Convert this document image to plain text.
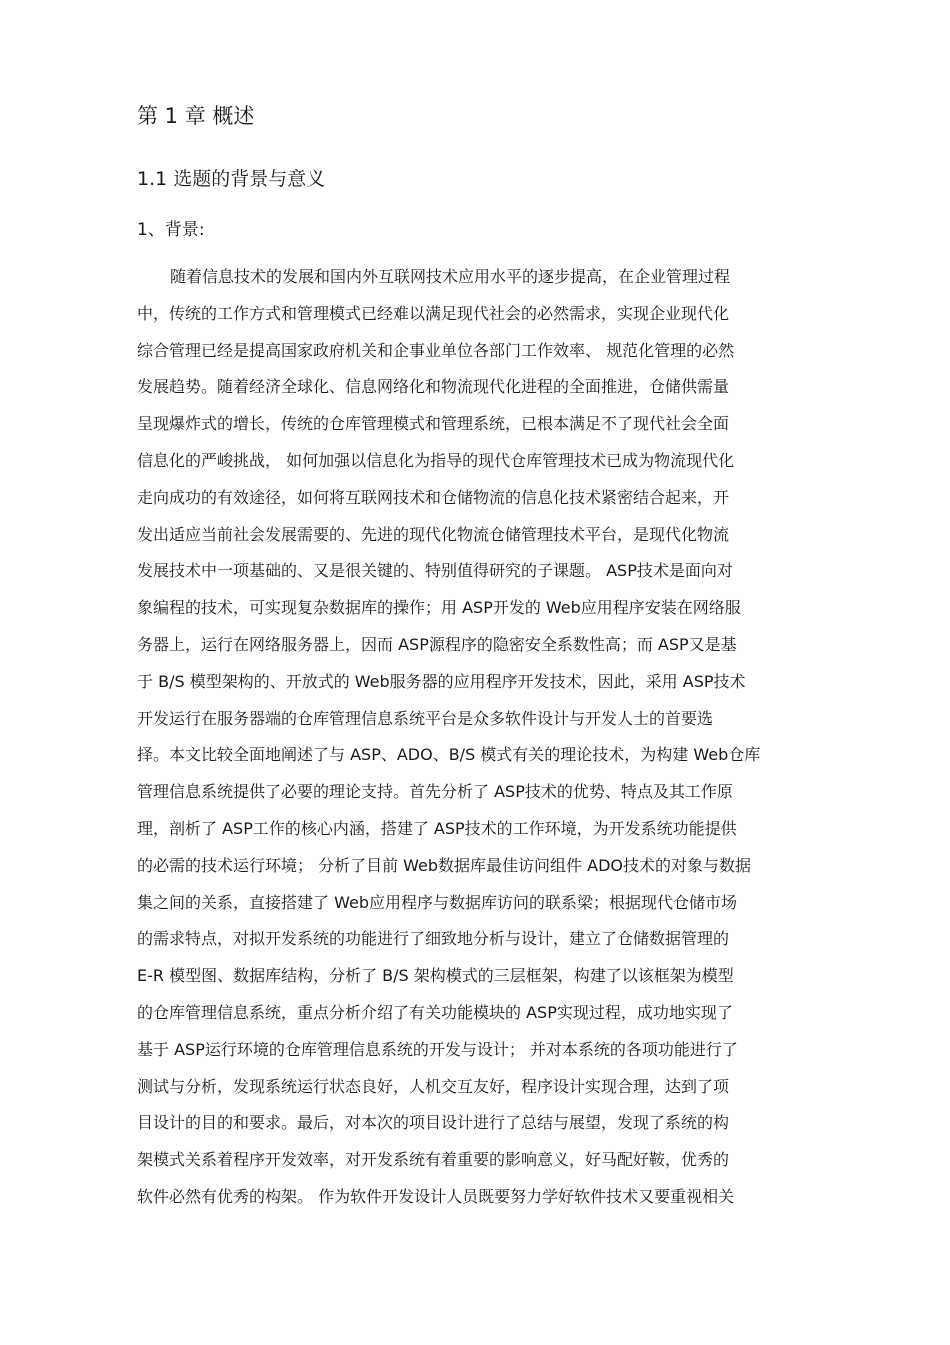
第 1 章 概述
1.1 选题的背景与意义
1、背景:
随着信息技术的发展和国内外互联网技术应用水平的逐步提高，在企业管理过程
中，传统的工作方式和管理模式已经难以满足现代社会的必然需求，实现企业现代化
综合管理已经是提高国家政府机关和企事业单位各部门工作效率、 规范化管理的必然
发展趋势。随着经济全球化、信息网络化和物流现代化进程的全面推进，仓储供需量
呈现爆炸式的增长，传统的仓库管理模式和管理系统，已根本满足不了现代社会全面
信息化的严峻挑战， 如何加强以信息化为指导的现代仓库管理技术已成为物流现代化
走向成功的有效途径，如何将互联网技术和仓储物流的信息化技术紧密结合起来，开
发出适应当前社会发展需要的、先进的现代化物流仓储管理技术平台，是现代化物流
发展技术中一项基础的、又是很关键的、特别值得研究的子课题。 ASP技术是面向对
象编程的技术，可实现复杂数据库的操作；用 ASP开发的 Web应用程序安装在网络服
务器上，运行在网络服务器上，因而 ASP源程序的隐密安全系数性高；而 ASP又是基
于 B/S 模型架构的、开放式的 Web服务器的应用程序开发技术，因此，采用 ASP技术
开发运行在服务器端的仓库管理信息系统平台是众多软件设计与开发人士的首要选
择。本文比较全面地阐述了与 ASP、ADO、B/S 模式有关的理论技术，为构建 Web仓库
管理信息系统提供了必要的理论支持。首先分析了 ASP技术的优势、特点及其工作原
理，剖析了 ASP工作的核心内涵，搭建了 ASP技术的工作环境，为开发系统功能提供
的必需的技术运行环境； 分析了目前 Web数据库最佳访问组件 ADO技术的对象与数据
集之间的关系，直接搭建了 Web应用程序与数据库访问的联系梁；根据现代仓储市场
的需求特点，对拟开发系统的功能进行了细致地分析与设计，建立了仓储数据管理的
E-R 模型图、数据库结构，分析了 B/S 架构模式的三层框架，构建了以该框架为模型
的仓库管理信息系统，重点分析介绍了有关功能模块的 ASP实现过程，成功地实现了
基于 ASP运行环境的仓库管理信息系统的开发与设计； 并对本系统的各项功能进行了
测试与分析，发现系统运行状态良好，人机交互友好，程序设计实现合理，达到了项
目设计的目的和要求。最后，对本次的项目设计进行了总结与展望，发现了系统的构
架模式关系着程序开发效率，对开发系统有着重要的影响意义，好马配好鞍，优秀的
软件必然有优秀的构架。 作为软件开发设计人员既要努力学好软件技术又要重视相关
